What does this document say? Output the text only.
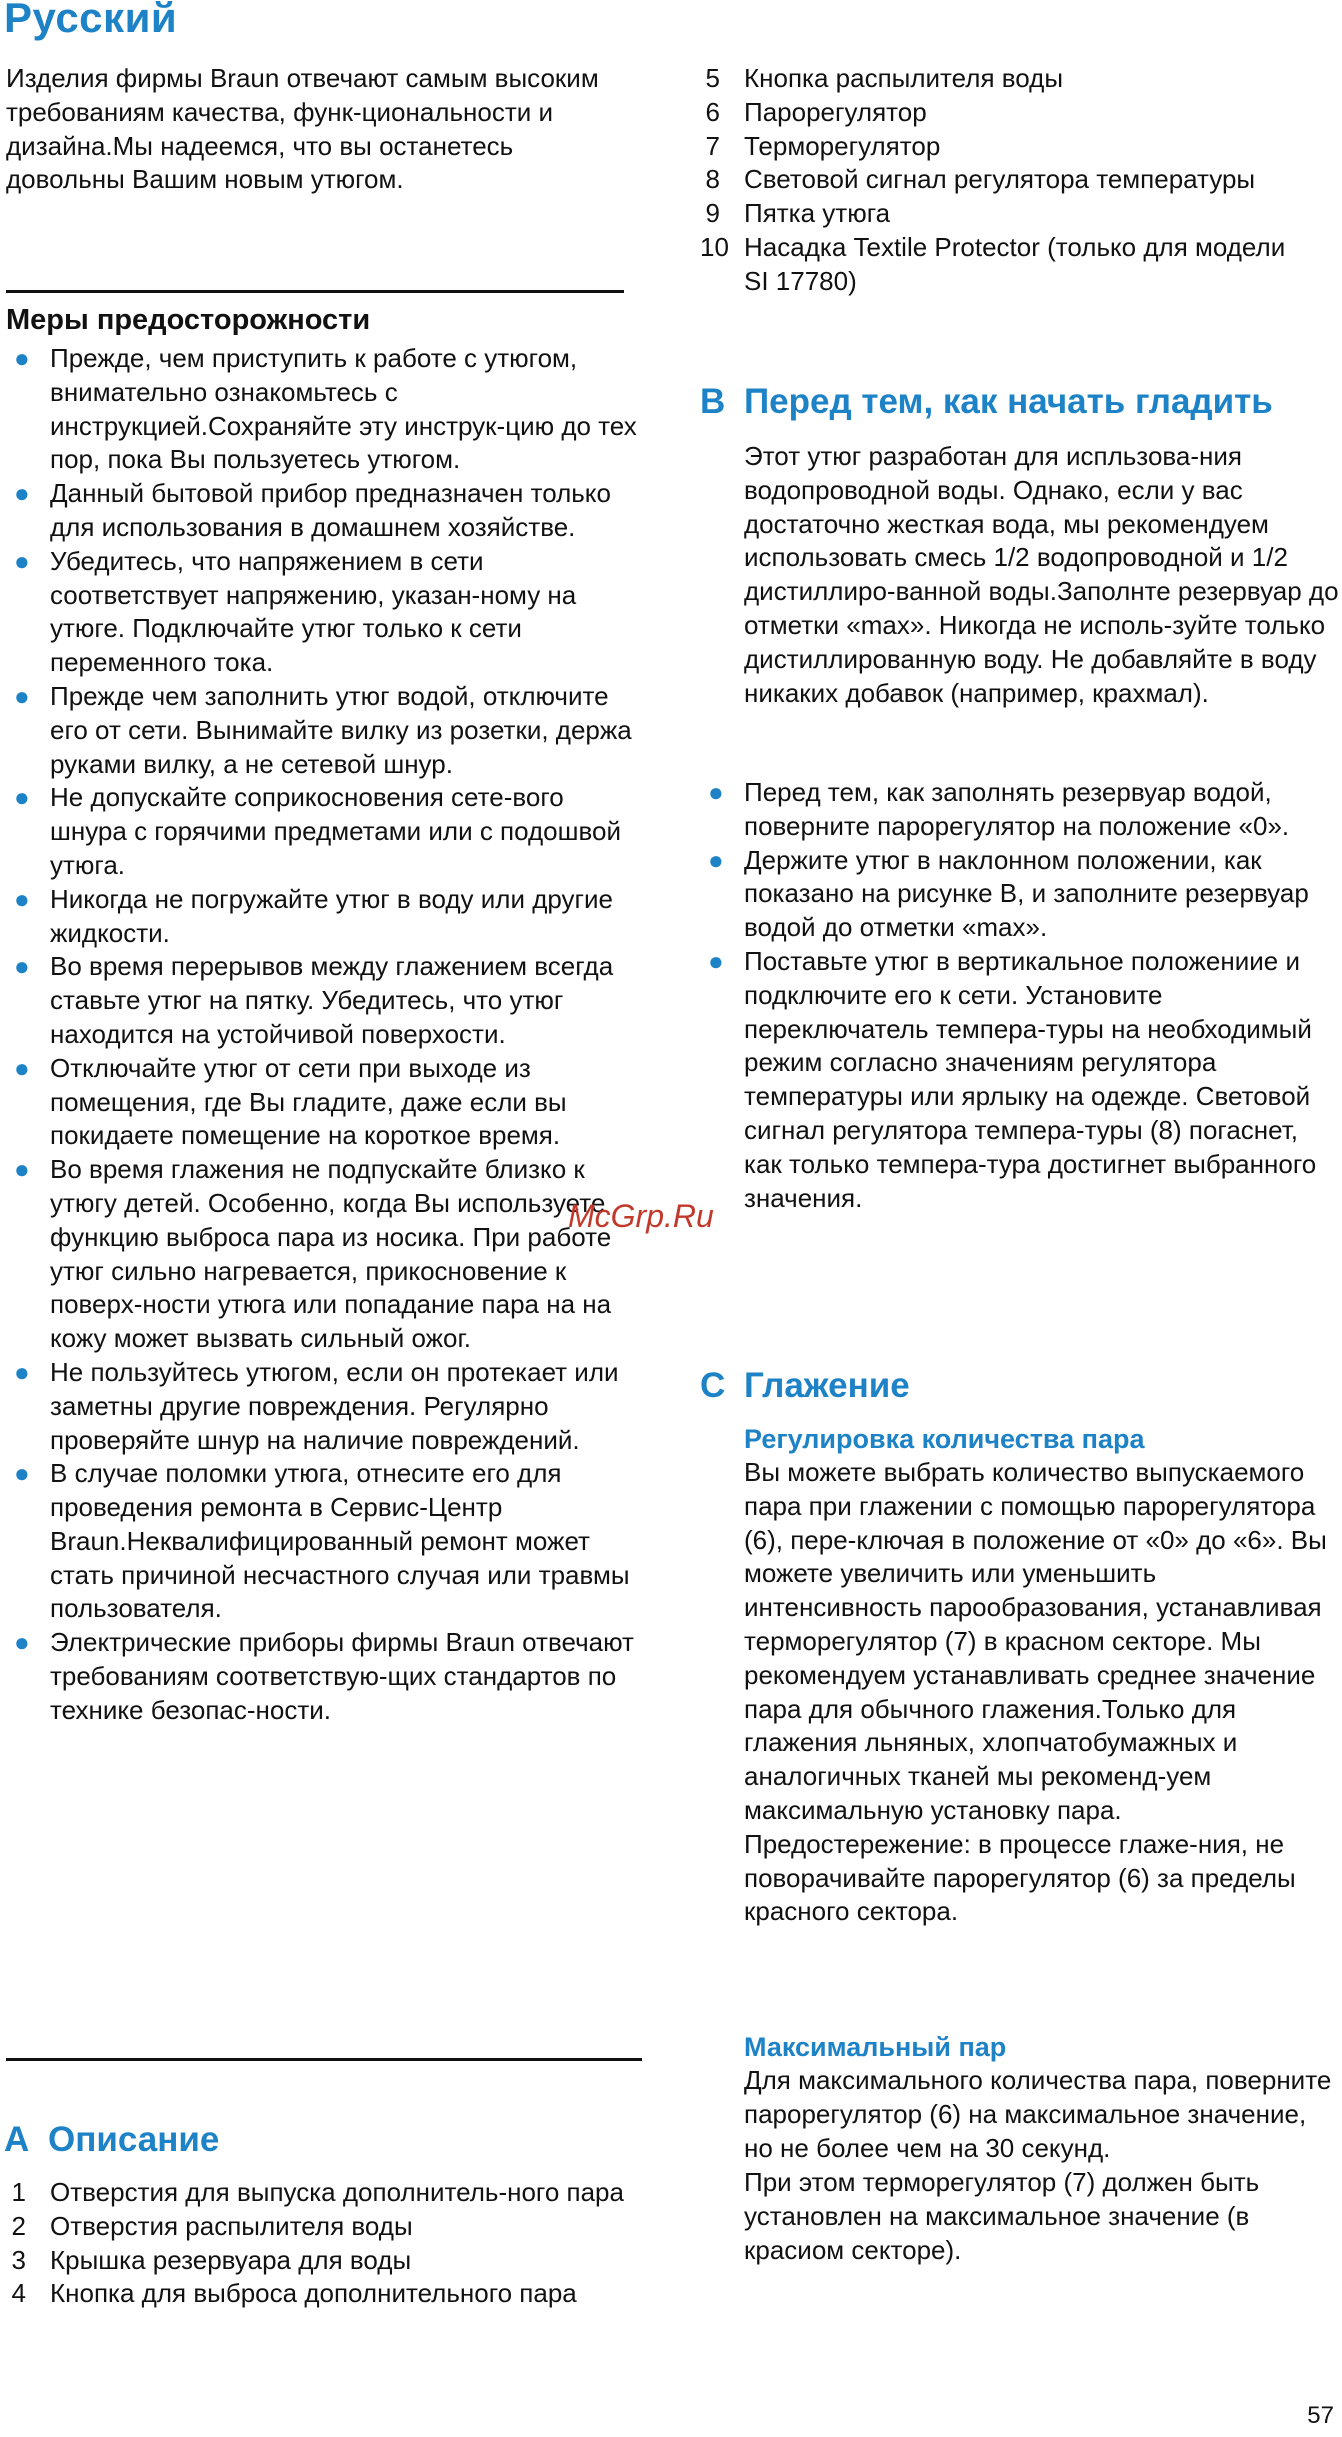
Русский

Изделия фирмы Braun отвечают самым высоким требованиям качества, функ-циональности и дизайна.Мы надеемся, что вы останетесь довольны Вашим новым утюгом.

Меры предосторожности
● Прежде, чем приступить к работе с утюгом, внимательно ознакомьтесь с инструкцией.Сохраняйте эту инструк-цию до тех пор, пока Вы пользуетесь утюгом.
● Данный бытовой прибор предназначен только для использования в домашнем хозяйстве.
● Убедитесь, что напряжением в сети соответствует напряжению, указан-ному на утюге. Подключайте утюг только к сети переменного тока.
● Прежде чем заполнить утюг водой, отключите его от сети. Вынимайте вилку из розетки, держа руками вилку, а не сетевой шнур.
● Не допускайте соприкосновения сете-вого шнура с горячими предметами или с подошвой утюга.
● Никогда не погружайте утюг в воду или другие жидкости.
● Во время перерывов между глажением всегда ставьте утюг на пятку. Убедитесь, что утюг находится на устойчивой поверхости.
● Отключайте утюг от сети при выходе из помещения, где Вы гладите, даже если вы покидаете помещение на короткое время.
● Во время глажения не подпускайте близко к утюгу детей. Особенно, когда Вы используете функцию выброса пара из носика. При работе утюг сильно нагревается, прикосновение к поверх-ности утюга или попадание пара на на кожу может вызвать сильный ожог.
● Не пользуйтесь утюгом, если он протекает или заметны другие повреждения. Регулярно проверяйте шнур на наличие повреждений.
● В случае поломки утюга, отнесите его для проведения ремонта в Сервис-Центр Braun.Неквалифицированный ремонт может стать причиной несчастного случая или травмы пользователя.
● Электрические приборы фирмы Braun отвечают требованиям соответствую-щих стандартов по технике безопас-ности.
A Описание
1 Отверстия для выпуска дополнитель-ного пара
2 Отверстия распылителя воды
3 Крышка резервуара для воды
4 Кнопка для выброса дополнительного пара
5 Кнопка распылителя воды
6 Парорегулятор
7 Терморегулятор
8 Световой сигнал регулятора температуры
9 Пятка утюга
10 Насадка Textile Protector (только для модели SI 17780)
B Перед тем, как начать гладить

Этот утюг разработан для испльзова-ния водопроводной воды. Однако, если у вас достаточно жесткая вода, мы рекомендуем использовать смесь 1/2 водопроводной и 1/2 дистиллиро-ванной воды.Заполнте резервуар до отметки «max». Никогда не исполь-зуйте только дистиллированную воду. Не добавляйте в воду никаких добавок (например, крахмал).

● Перед тем, как заполнять резервуар водой, поверните парорегулятор на положение «0».
● Держите утюг в наклонном положении, как показано на рисунке B, и заполните резервуар водой до отметки «max».
● Поставьте утюг в вертикальное положениие и подключите его к сети. Установите переключатель темпера-туры на необходимый режим согласно значениям регулятора температуры или ярлыку на одежде. Световой сигнал регулятора темпера-туры (8) погаснет, как только темпера-тура достигнет выбранного значения.
C Глажение
Регулировка количества пара

Вы можете выбрать количество выпускаемого пара при глажении с помощью парорегулятора (6), пере-ключая в положение от «0» до «6». Вы можете увеличить или уменьшить интенсивность парообразования, устанавливая терморегулятор (7) в красном секторе. Мы рекомендуем устанавливать среднее значение пара для обычного глажения.Только для глажения льняных, хлопчатобумажных и аналогичных тканей мы рекоменд-уем максимальную установку пара. Предостережение: в процессе глаже-ния, не поворачивайте парорегулятор (6) за пределы красного сектора.

Максимальный пар

Для максимального количества пара, поверните парорегулятор (6) на максимальное значение, но не более чем на 30 секунд.

При этом терморегулятор (7) должен быть установлен на максимальное значение (в красиом секторе).

McGrp.Ru

57
